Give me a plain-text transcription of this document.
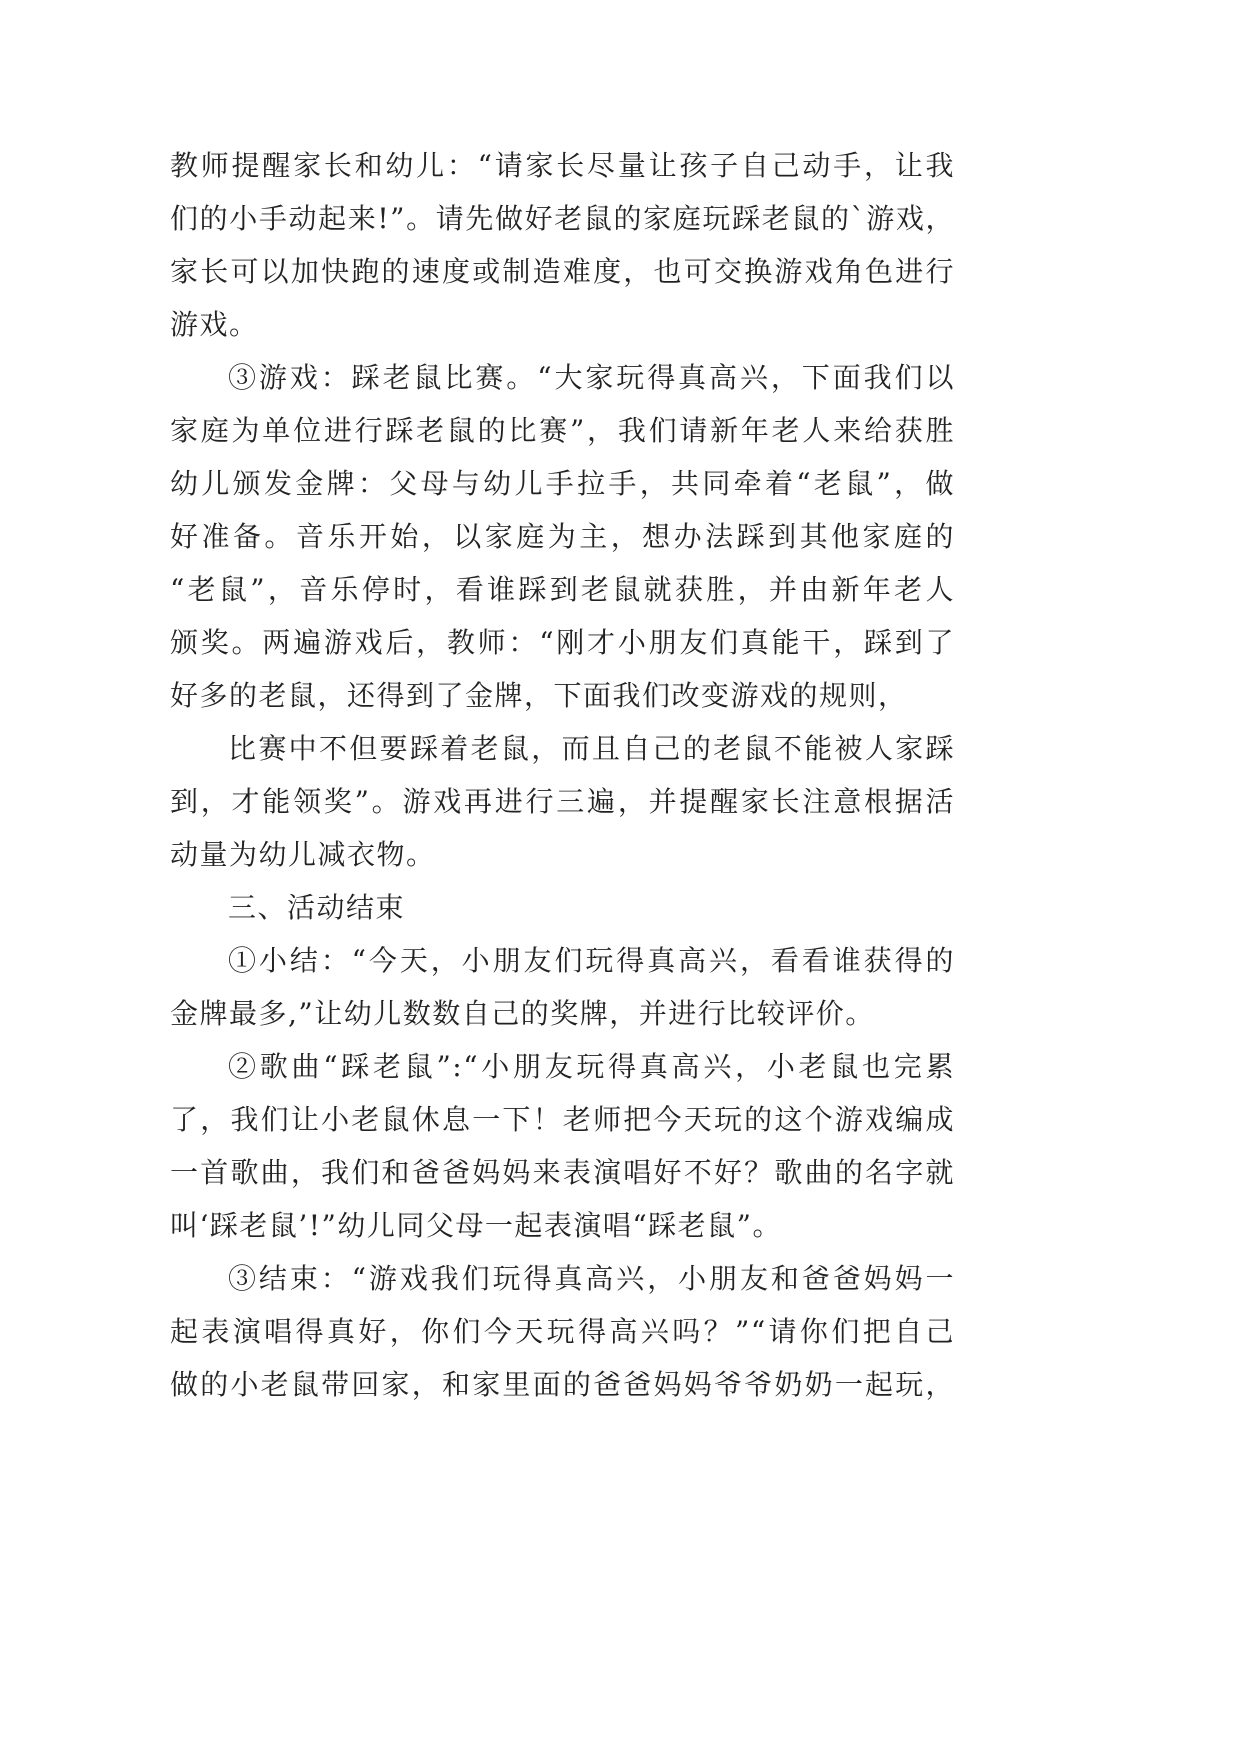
教师提醒家长和幼儿：“请家长尽量让孩子自己动手，让我
们的小手动起来!”。请先做好老鼠的家庭玩踩老鼠的`游戏，
家长可以加快跑的速度或制造难度，也可交换游戏角色进行
游戏。
③游戏：踩老鼠比赛。“大家玩得真高兴，下面我们以
家庭为单位进行踩老鼠的比赛”，我们请新年老人来给获胜
幼儿颁发金牌：父母与幼儿手拉手，共同牵着“老鼠”，做
好准备。音乐开始，以家庭为主，想办法踩到其他家庭的
“老鼠”，音乐停时，看谁踩到老鼠就获胜，并由新年老人
颁奖。两遍游戏后，教师：“刚才小朋友们真能干，踩到了
好多的老鼠，还得到了金牌，下面我们改变游戏的规则，
比赛中不但要踩着老鼠，而且自己的老鼠不能被人家踩
到，才能领奖”。游戏再进行三遍，并提醒家长注意根据活
动量为幼儿减衣物。
三、活动结束
①小结：“今天，小朋友们玩得真高兴，看看谁获得的
金牌最多,”让幼儿数数自己的奖牌，并进行比较评价。
②歌曲“踩老鼠”:“小朋友玩得真高兴，小老鼠也完累
了，我们让小老鼠休息一下！老师把今天玩的这个游戏编成
一首歌曲，我们和爸爸妈妈来表演唱好不好？歌曲的名字就
叫‘踩老鼠’!”幼儿同父母一起表演唱“踩老鼠”。
③结束：“游戏我们玩得真高兴，小朋友和爸爸妈妈一
起表演唱得真好，你们今天玩得高兴吗？”“请你们把自己
做的小老鼠带回家，和家里面的爸爸妈妈爷爷奶奶一起玩，
